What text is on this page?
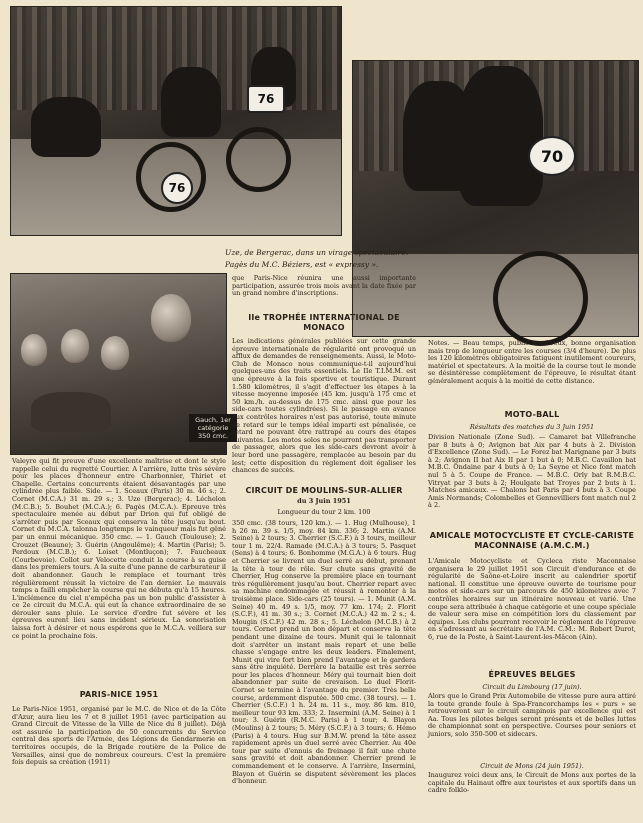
76
76
70
Uze, de Bergerac, dans un virage spectaculaire.
Pagès du M.C. Béziers, est « expressy ».
Gauch, 1er catégorie 350 cmc.
Valeyre qui fit preuve d'une excellente maîtrise et dont le style rappelle celui du regretté Courtier. A l'arrière, lutte très sévère pour les places d'honneur entre Charbonnier, Thiriet et Chapelle. Certains concurrents étaient désavantagés par une cylindrée plus faible. Side. — 1. Sceaux (Paris) 30 m. 46 s.; 2. Cornet (M.C.A.) 31 m. 29 s.; 3. Uze (Bergerac); 4. Léchelon (M.C.B.); 5. Bouhet (M.C.A.); 6. Pagès (M.C.A.). Epreuve très spectaculaire menée au début par Drion qui fut obligé de s'arrêter puis par Sceaux qui conserva la tête jusqu'au bout. Cornet du M.C.A. talonna longtemps le vainqueur mais fut gêné par un ennui mécanique. 350 cmc. — 1. Gauch (Toulouse); 2. Crouzet (Beaune); 3. Guérin (Angoulême); 4. Martin (Paris); 5. Perdoux (M.C.B.); 6. Loiset (Montluçon); 7. Faucheaux (Courbevoie). Collot sur Velocette conduit la course à sa guise dans les premiers tours. A la suite d'une panne de carburateur il doit abandonner. Gauch le remplace et tournant très régulièrement réussit la victoire de l'an dernier. Le mauvais temps a failli empêcher la course qui ne débuta qu'à 15 heures. L'inclémence du ciel n'empêcha pas un bon public d'assister à ce 2e circuit du M.C.A. qui eut la chance extraordinaire de se dérouler sans pluie. Le service d'ordre fut sévère et les épreuves eurent lieu sans incident sérieux. La sonorisation laissa fort à désirer et nous espérons que le M.C.A. veillera sur ce point la prochaine fois.
PARIS-NICE 1951
Le Paris-Nice 1951, organisé par le M.C. de Nice et de la Côte d'Azur, aura lieu les 7 et 8 juillet 1951 (avec participation au Grand Circuit de Vitesse de la Ville de Nice du 8 juillet). Déjà est assurée la participation de 50 concurrents du Service central des sports de l'Armée, des Légions de Gendarmerie en territoires occupés, de la Brigade routière de la Police de Versailles, ainsi que de nombreux coureurs. C'est la première fois depuis sa création (1911)
que Paris-Nice réunira une aussi importante participation, assurée trois mois avant la date fixée par un grand nombre d'inscriptions.
IIe TROPHÉE INTERNATIONAL DE MONACO
Les indications générales publiées sur cette grande épreuve internationale de régularité ont provoqué un afflux de demandes de renseignements. Aussi, le Moto-Club de Monaco nous communique-t-il aujourd'hui quelques-uns des traits essentiels. Le IIe T.I.M.M. est une épreuve à la fois sportive et touristique. Durant 1.580 kilomètres, il s'agit d'effectuer les étapes à la vitesse moyenne imposée (45 km. jusqu'à 175 cmc et 50 km./h. au-dessus de 175 cmc. ainsi que pour les side-cars toutes cylindrées). Si le passage en avance aux contrôles horaires n'est pas autorisé, toute minute de retard sur le temps idéal imparti est pénalisée, ce retard ne pouvant être rattrapé au cours des étapes suivantes. Les motos solos ne pourront pas transporter de passager, alors que les side-cars devront avoir à leur bord une passagère, remplacée au besoin par du lest; cette disposition du règlement doit égaliser les chances de succès.
CIRCUIT DE MOULINS-SUR-ALLIER
du 3 Juin 1951
Longueur du tour 2 km. 100
350 cmc. (38 tours, 120 km.). — 1. Hug (Mulhouse), 1 h 26 m. 39 s. 1/5, moy. 84 km. 336; 2. Martin (A.M. Seine) à 2 tours; 3. Cherrier (S.C.F.) à 3 tours, meilleur tour 1 m. 22/4. Ramade (M.C.A.) à 3 tours; 5. Pasquet (Sens) à 4 tours; 6. Bonhomme (M.G.A.) à 6 tours. Hug et Cherrier se livrent un duel serré au début, prenant la tête à tour de rôle. Sur chute sans gravité de Cherrier, Hug conserve la première place en tournant très régulièrement jusqu'au bout. Cherrier repart avec sa machine endommagée et réussit à remonter à la troisième place. Side-cars (25 tours). — 1. Munit (A.M. Seine) 40 m. 49 s. 1/5, moy. 77 km. 174; 2. Florit (S.C.F.), 41 m. 30 s.; 3. Cornet (M.C.A.) 42 m. 2 s.; 4. Mougin (S.C.F.) 42 m. 28 s.; 5. Léchelon (M.C.B.) à 2 tours. Cornet prend un bon départ et conserve la tête pendant une dizaine de tours. Munit qui le talonnait doit s'arrêter un instant mais repart et une belle chasse s'engage entre les deux leaders. Finalement, Munit qui vire fort bien prend l'avantage et le gardera sans être inquiété. Derrière la bataille est très serrée pour les places d'honneur. Méry qui tournait bien doit abandonner par suite de crevaison. Le duel Florit-Cornet se termine à l'avantage du premier. Très belle course, ardemment disputée. 500 cmc. (38 tours). — 1. Cherrier (S.C.F.) 1 h. 24 m. 11 s., moy. 86 km. 810, meilleur tour 93 km. 333; 2. Insermini (A.M. Seine) à 1 tour; 3. Guérin (R.M.C. Paris) à 1 tour; 4. Blayon (Moulins) à 2 tours; 5. Méry (S.C.F.) à 3 tours; 6. Hémo (Paris) à 4 tours. Hug sur B.M.W. prend la tête assez rapidement après un duel serré avec Cherrier. Au 40e tour par suite d'ennuis de freinage il fait une chute sans gravité et doit abandonner. Cherrier prend le commandement et le conserve. A l'arrière, Insermini, Blayon et Guérin se disputent sévèrement les places d'honneur.
Notes. — Beau temps, public nombreux, bonne organisation mais trop de longueur entre les courses (3/4 d'heure). De plus les 120 kilomètres obligatoires fatiguent inutilement coureurs, matériel et spectateurs. A la moitié de la course tout le monde se désintéresse complètement de l'épreuve, le résultat étant généralement acquis à la moitié de cette distance.
MOTO-BALL
Résultats des matches du 3 Juin 1951
Division Nationale (Zone Sud). — Camaret bat Villefranche par 8 buts à 0; Avignon bat Aix par 4 buts à 2. Division d'Excellence (Zone Sud). — Le Forez bat Marignane par 3 buts à 2; Avignon II bat Aix II par 1 but à 0; M.B.C. Cavaillon bat M.B.C. Ondaine par 4 buts à 0; La Seyne et Nice font match nul 5 à 5. Coupe de France. — M.B.C. Orly bat R.M.B.C. Vitryat par 3 buts à 2; Houlgate bat Troyes par 2 buts à 1. Matches amicaux. — Chalons bat Paris par 4 buts à 3. Coupe Amis Normands; Colombelles et Gennevilliers font match nul 2 à 2.
AMICALE MOTOCYCLISTE ET CYCLE-CARISTE MACONNAISE (A.M.C.M.)
L'Amicale Motocycliste et Cycleca riste Maconnaise organisera le 29 juillet 1951 son Circuit d'endurance et de régularité de Saône-et-Loire inscrit au calendrier sportif national. Il constitue une épreuve ouverte de tourisme pour motos et side-cars sur un parcours de 450 kilomètres avec 7 contrôles horaires sur un itinéraire nouveau et varié. Une coupe sera attribuée à chaque catégorie et une coupe spéciale de valeur sera mise en compétition lors du classement par équipes. Les clubs pourront recevoir le règlement de l'épreuve en s'adressant au secrétaire de l'A.M. C.M.: M. Robert Durot, 6, rue de la Poste, à Saint-Laurent-les-Mâcon (Ain).
ÉPREUVES BELGES
Circuit du Limbourg (17 juin).
Alors que le Grand Prix Automobile de vitesse pure aura attiré la toute grande foule à Spa-Francorchamps les « purs » se retrouveront sur le circuit campinois par excellence qui est Aa. Tous les pilotes belges seront présents et de belles luttes de championnat sont en perspective. Courses pour seniors et juniors, solo 350-500 et sidecars.
Circuit de Mons (24 juin 1951).
Inaugurez voici deux ans, le Circuit de Mons aux portes de la capitale du Hainaut offre aux touristes et aux sportifs dans un cadre folklo-
